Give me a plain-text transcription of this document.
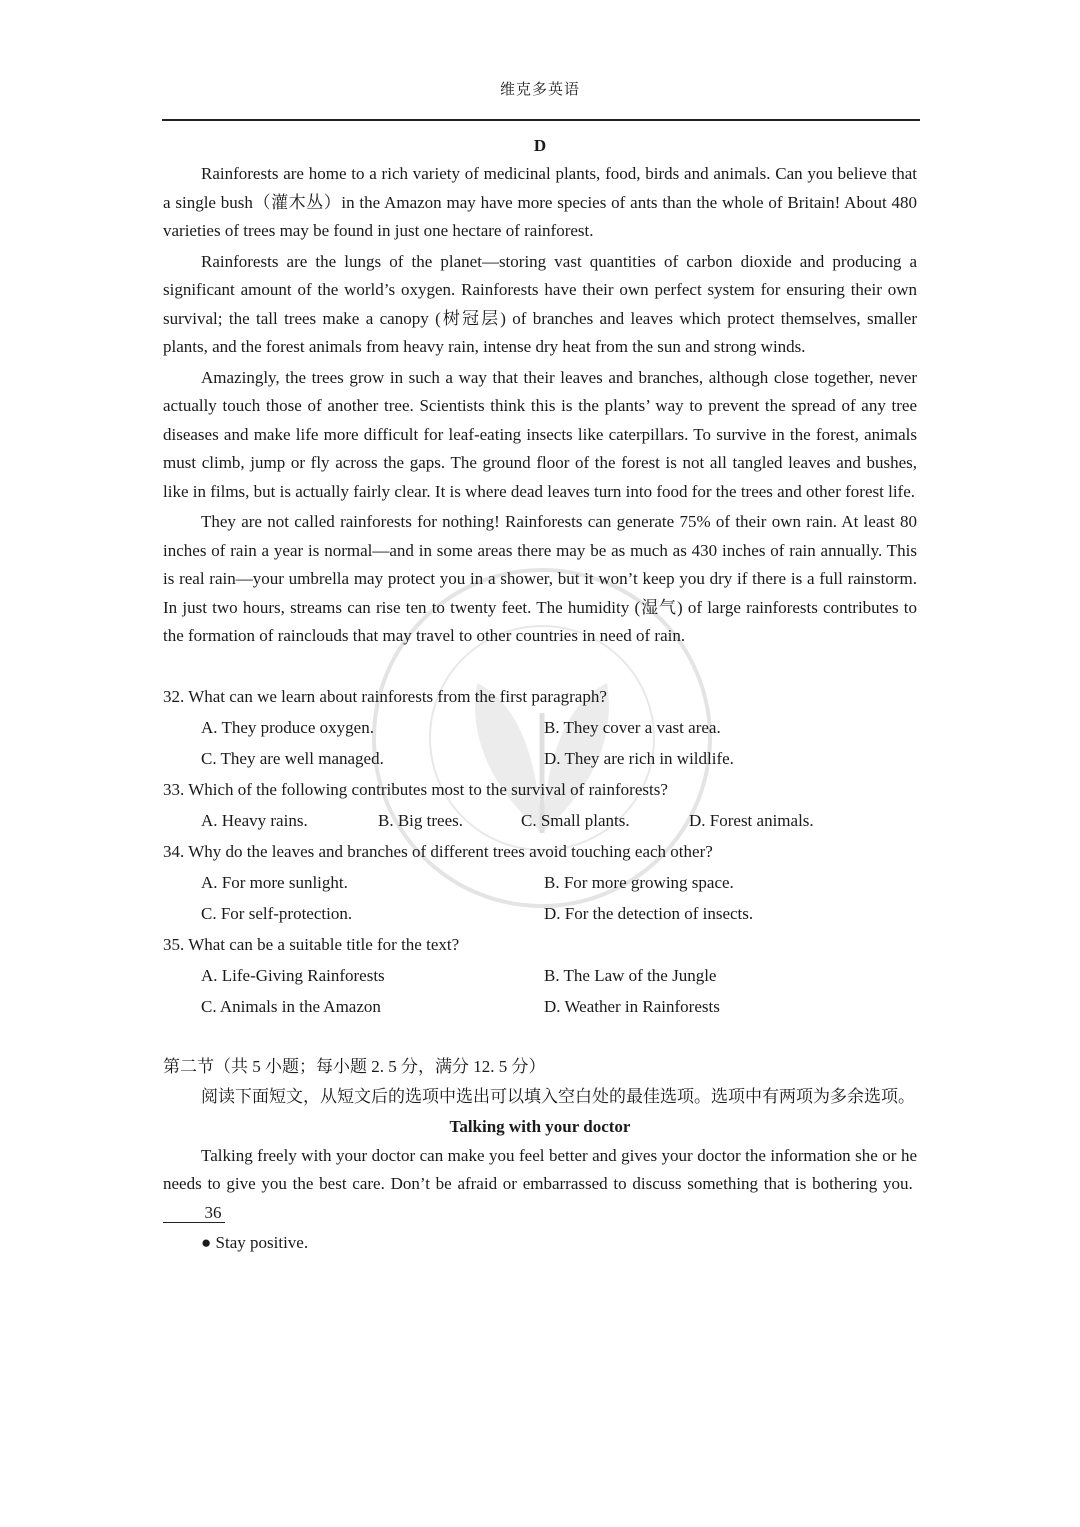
维克多英语
D

Rainforests are home to a rich variety of medicinal plants, food, birds and animals. Can you believe that a single bush（灌木丛）in the Amazon may have more species of ants than the whole of Britain! About 480 varieties of trees may be found in just one hectare of rainforest.

Rainforests are the lungs of the planet—storing vast quantities of carbon dioxide and producing a significant amount of the world’s oxygen. Rainforests have their own perfect system for ensuring their own survival; the tall trees make a canopy (树冠层) of branches and leaves which protect themselves, smaller plants, and the forest animals from heavy rain, intense dry heat from the sun and strong winds.

Amazingly, the trees grow in such a way that their leaves and branches, although close together, never actually touch those of another tree. Scientists think this is the plants’ way to prevent the spread of any tree diseases and make life more difficult for leaf-eating insects like caterpillars. To survive in the forest, animals must climb, jump or fly across the gaps. The ground floor of the forest is not all tangled leaves and bushes, like in films, but is actually fairly clear. It is where dead leaves turn into food for the trees and other forest life.

They are not called rainforests for nothing! Rainforests can generate 75% of their own rain. At least 80 inches of rain a year is normal—and in some areas there may be as much as 430 inches of rain annually. This is real rain—your umbrella may protect you in a shower, but it won’t keep you dry if there is a full rainstorm. In just two hours, streams can rise ten to twenty feet. The humidity (湿气) of large rainforests contributes to the formation of rainclouds that may travel to other countries in need of rain.

32. What can we learn about rainforests from the first paragraph?
A. They produce oxygen.	B. They cover a vast area.
C. They are well managed.	D. They are rich in wildlife.
33. Which of the following contributes most to the survival of rainforests?
A. Heavy rains.	B. Big trees.	C. Small plants.	D. Forest animals.
34. Why do the leaves and branches of different trees avoid touching each other?
A. For more sunlight.	B. For more growing space.
C. For self-protection.	D. For the detection of insects.
35. What can be a suitable title for the text?
A. Life-Giving Rainforests	B. The Law of the Jungle
C. Animals in the Amazon	D. Weather in Rainforests
第二节（共 5 小题；每小题 2. 5 分，满分 12. 5 分）
阅读下面短文，从短文后的选项中选出可以填入空白处的最佳选项。选项中有两项为多余选项。
Talking with your doctor

Talking freely with your doctor can make you feel better and gives your doctor the information she or he needs to give you the best care. Don’t be afraid or embarrassed to discuss something that is bothering you.  36

● Stay positive.
